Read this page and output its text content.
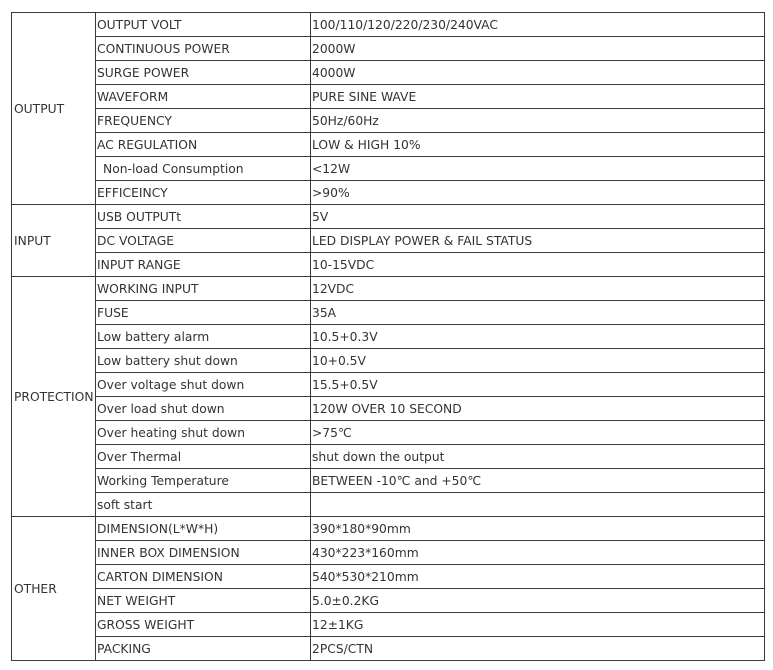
OUTPUT	OUTPUT VOLT	100/110/120/220/230/240VAC
	CONTINUOUS POWER	2000W
	SURGE POWER	4000W
	WAVEFORM	PURE SINE WAVE
	FREQUENCY	50Hz/60Hz
	AC REGULATION	LOW & HIGH 10%
	Non-load Consumption	<12W
	EFFICEINCY	>90%
INPUT	USB OUTPUTt	5V
	DC VOLTAGE	LED DISPLAY POWER & FAIL STATUS
	INPUT RANGE	10-15VDC
PROTECTION	WORKING INPUT	12VDC
	FUSE	35A
	Low battery alarm	10.5+0.3V
	Low battery shut down	10+0.5V
	Over voltage shut down	15.5+0.5V
	Over load shut down	120W OVER 10 SECOND
	Over heating shut down	>75℃
	Over Thermal	shut down the output
	Working Temperature	BETWEEN -10℃ and +50℃
	soft start	
OTHER	DIMENSION(L*W*H)	390*180*90mm
	INNER BOX DIMENSION	430*223*160mm
	CARTON DIMENSION	540*530*210mm
	NET WEIGHT	5.0±0.2KG
	GROSS WEIGHT	12±1KG
	PACKING	2PCS/CTN
